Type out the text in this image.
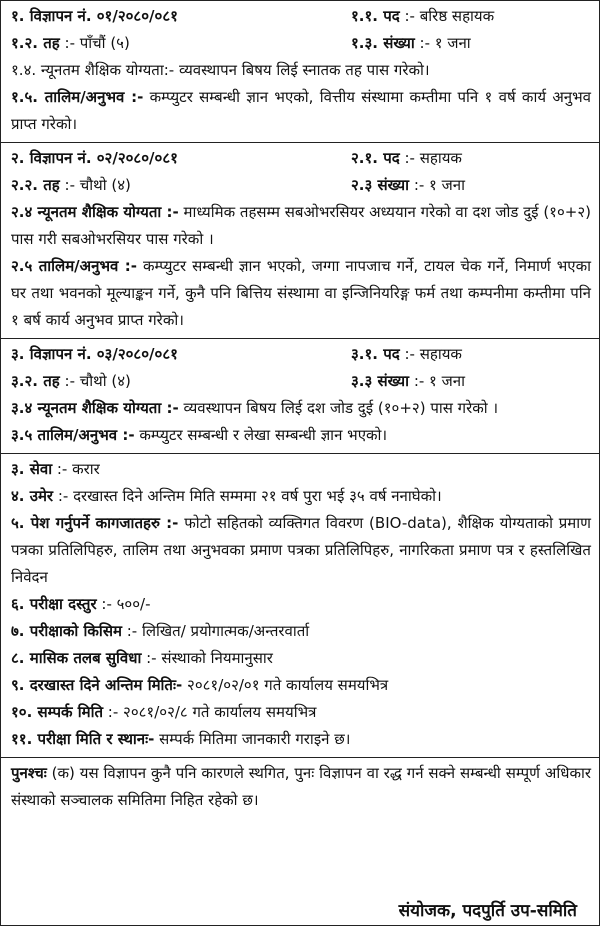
१. विज्ञापन नं. ०१/२०८०/०८१	१.१. पद :- बरिष्ठ सहायक
१.२. तह :- पाँचौं (५)	१.३. संख्या :- १ जना
१.४. न्यूनतम शैक्षिक योग्यता:- व्यवस्थापन बिषय लिई स्नातक तह पास गरेको।
१.५. तालिम/अनुभव :- कम्प्युटर सम्बन्धी ज्ञान भएको, वित्तीय संस्थामा कम्तीमा पनि १ वर्ष कार्य अनुभव प्राप्त गरेको।
२. विज्ञापन नं. ०२/२०८०/०८१	२.१. पद :- सहायक
२.२. तह :- चौथो (४)	२.३ संख्या :- १ जना
२.४ न्यूनतम शैक्षिक योग्यता :- माध्यमिक तहसम्म सबओभरसियर अध्ययान गरेको वा दश जोड दुई (१०+२) पास गरी सबओभरसियर पास गरेको ।
२.५ तालिम/अनुभव :- कम्प्युटर सम्बन्धी ज्ञान भएको, जग्गा नापजाच गर्ने, टायल चेक गर्ने, निमार्ण भएका घर तथा भवनको मूल्याङ्कन गर्ने, कुनै पनि बित्तिय संस्थामा वा इन्जिनियरिङ्ग फर्म तथा कम्पनीमा कम्तीमा पनि १ बर्ष कार्य अनुभव प्राप्त गरेको।
३. विज्ञापन नं. ०३/२०८०/०८१	३.१. पद :- सहायक
३.२. तह :- चौथो (४)	३.३ संख्या :- १ जना
३.४ न्यूनतम शैक्षिक योग्यता :- व्यवस्थापन बिषय लिई दश जोड दुई (१०+२) पास गरेको ।
३.५ तालिम/अनुभव :- कम्प्युटर सम्बन्धी र लेखा सम्बन्धी ज्ञान भएको।
३. सेवा :- करार
४. उमेर :- दरखास्त दिने अन्तिम मिति सम्ममा २१ वर्ष पुरा भई ३५ वर्ष ननाघेको।
५. पेश गर्नुपर्ने कागजातहरु :- फोटो सहितको व्यक्तिगत विवरण (BIO-data), शैक्षिक योग्यताको प्रमाण पत्रका प्रतिलिपिहरु, तालिम तथा अनुभवका प्रमाण पत्रका प्रतिलिपिहरु, नागरिकता प्रमाण पत्र र हस्तलिखित निवेदन
६. परीक्षा दस्तुर :- ५००/-
७. परीक्षाको किसिम :- लिखित/ प्रयोगात्मक/अन्तरवार्ता
८. मासिक तलब सुविधा :- संस्थाको नियमानुसार
९. दरखास्त दिने अन्तिम मितिः- २०८१/०२/०१ गते कार्यालय समयभित्र
१०. सम्पर्क मिति :- २०८१/०२/८ गते कार्यालय समयभित्र
११. परीक्षा मिति र स्थानः- सम्पर्क मितिमा जानकारी गराइने छ।
पुनश्चः (क) यस विज्ञापन कुनै पनि कारणले स्थगित, पुनः विज्ञापन वा रद्ध गर्न सक्ने सम्बन्धी सम्पूर्ण अधिकार संस्थाको सञ्चालक समितिमा निहित रहेको छ।
संयोजक, पदपुर्ति उप-समिति
